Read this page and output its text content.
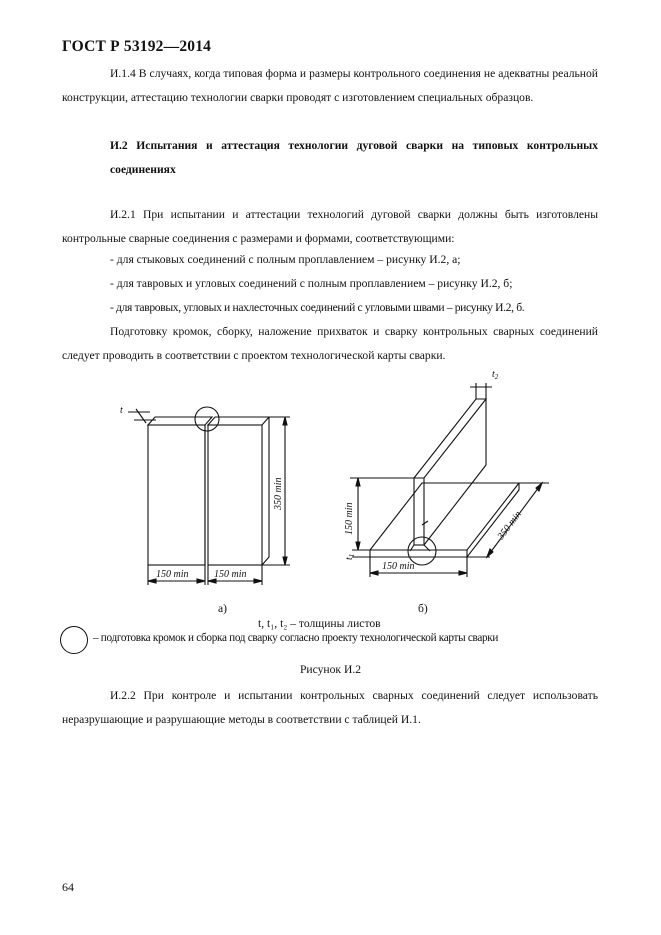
ГОСТ Р 53192—2014
И.1.4 В случаях, когда типовая форма и размеры контрольного соединения не адекватны реальной конструкции, аттестацию технологии сварки проводят с изготовлением специальных образцов.
И.2 Испытания и аттестация технологии дуговой сварки на типовых контрольных соединениях
И.2.1 При испытании и аттестации технологий дуговой сварки должны быть изготовлены контрольные сварные соединения с размерами и формами, соответствующими:
- для стыковых соединений с полным проплавлением – рисунку И.2, а;
- для тавровых и угловых соединений с полным проплавлением – рисунку И.2, б;
- для тавровых, угловых и нахлесточных соединений с угловыми швами – рисунку И.2, б.
Подготовку кромок, сборку, наложение прихваток и сварку контрольных сварных соединений следует проводить в соответствии с проектом технологической карты сварки.
t
150 min	150 min
350 min
150 min
150 min	350 min
$t_1$
$t_2$
а)	б)
t, t₁, t₂ – толщины листов
– подготовка кромок и сборка под сварку согласно проекту технологической карты сварки
Рисунок И.2
И.2.2 При контроле и испытании контрольных сварных соединений следует использовать неразрушающие и разрушающие методы в соответствии с таблицей И.1.
64
